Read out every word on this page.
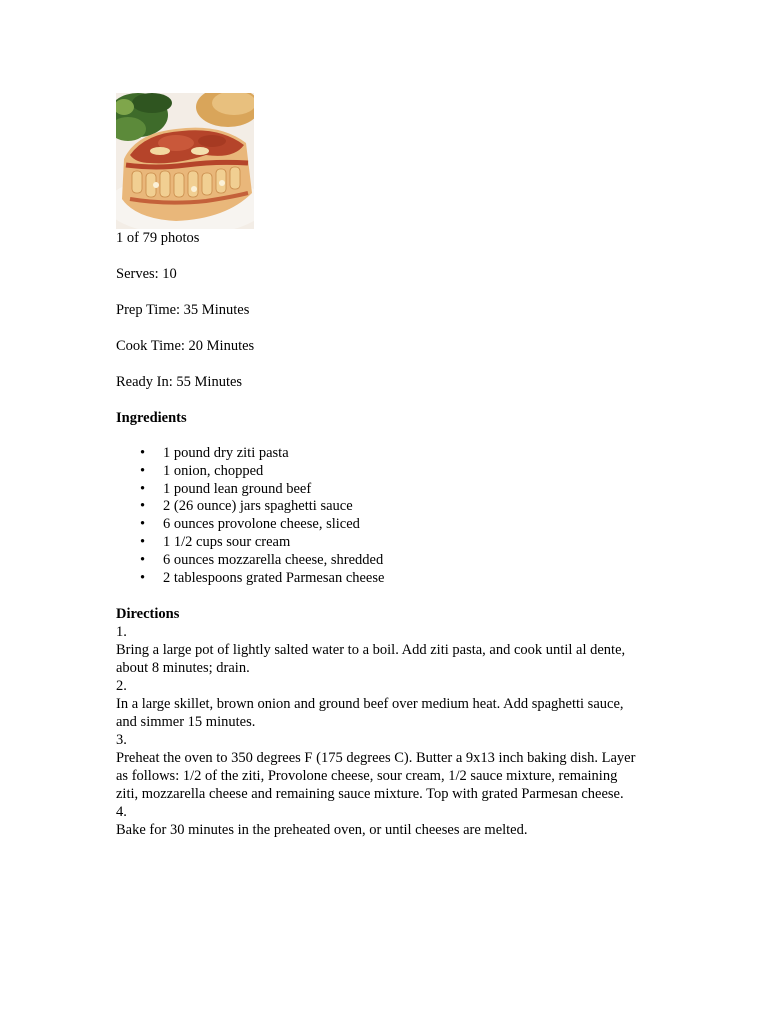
1 of 79 photos
Serves: 10
Prep Time: 35 Minutes
Cook Time: 20 Minutes
Ready In: 55 Minutes
Ingredients
• 1 pound dry ziti pasta
• 1 onion, chopped
• 1 pound lean ground beef
• 2 (26 ounce) jars spaghetti sauce
• 6 ounces provolone cheese, sliced
• 1 1/2 cups sour cream
• 6 ounces mozzarella cheese, shredded
• 2 tablespoons grated Parmesan cheese
Directions
1.
Bring a large pot of lightly salted water to a boil. Add ziti pasta, and cook until al dente, about 8 minutes; drain.
2.
In a large skillet, brown onion and ground beef over medium heat. Add spaghetti sauce, and simmer 15 minutes.
3.
Preheat the oven to 350 degrees F (175 degrees C). Butter a 9x13 inch baking dish. Layer as follows: 1/2 of the ziti, Provolone cheese, sour cream, 1/2 sauce mixture, remaining ziti, mozzarella cheese and remaining sauce mixture. Top with grated Parmesan cheese.
4.
Bake for 30 minutes in the preheated oven, or until cheeses are melted.
